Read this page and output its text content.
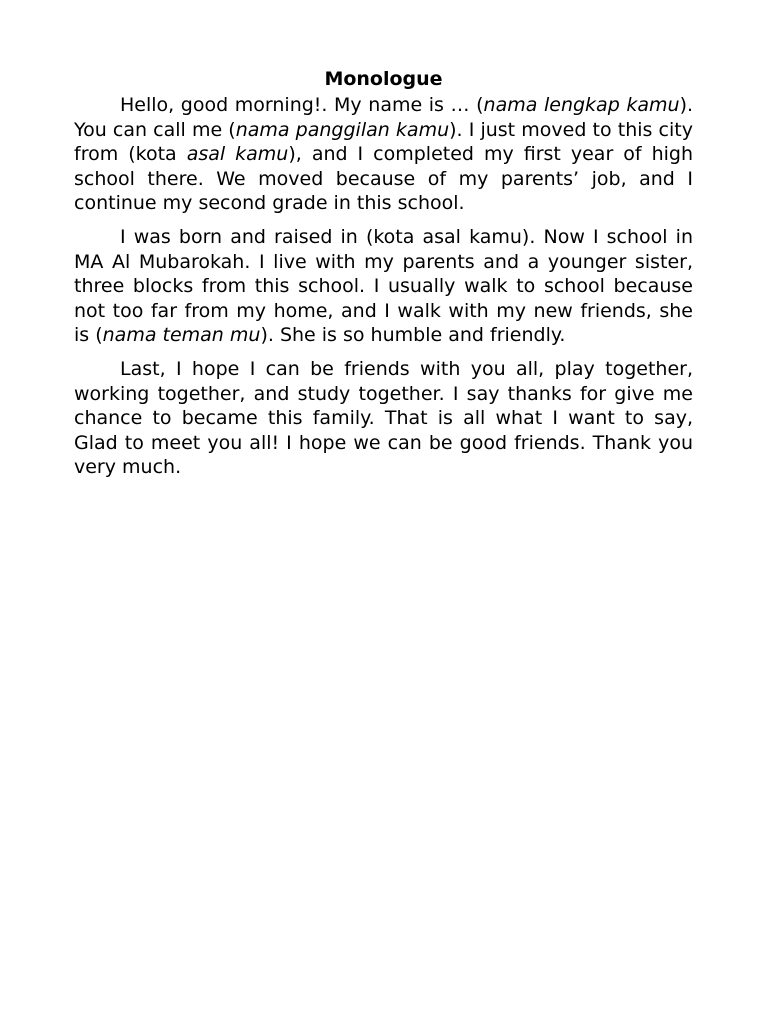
Monologue

Hello, good morning!. My name is … (nama lengkap kamu). You can call me (nama panggilan kamu). I just moved to this city from (kota asal kamu), and I completed my first year of high school there. We moved because of my parents’ job, and I continue my second grade in this school.

I was born and raised in (kota asal kamu). Now I school in MA Al Mubarokah. I live with my parents and a younger sister, three blocks from this school. I usually walk to school because not too far from my home, and I walk with my new friends, she is (nama teman mu). She is so humble and friendly.

Last, I hope I can be friends with you all, play together, working together, and study together. I say thanks for give me chance to became this family. That is all what I want to say, Glad to meet you all! I hope we can be good friends. Thank you very much.
